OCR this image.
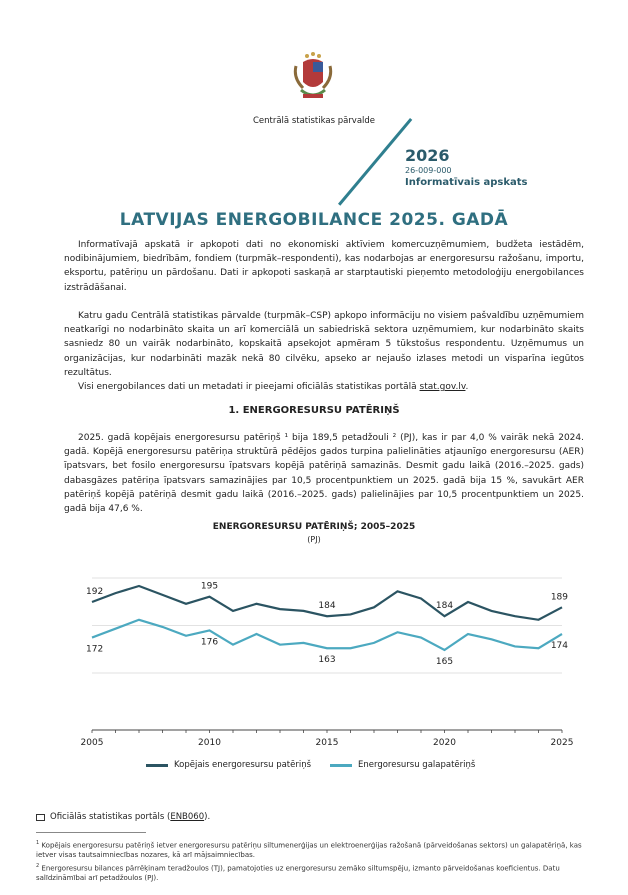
Centrālā statistikas pārvalde
2026
26-009-000
Informatīvais apskats
LATVIJAS ENERGOBILANCE 2025. GADĀ

Informatīvajā apskatā ir apkopoti dati no ekonomiski aktīviem komercuzņēmumiem, budžeta iestādēm, nodibinājumiem, biedrībām, fondiem (turpmāk–respondenti), kas nodarbojas ar energoresursu ražošanu, importu, eksportu, patēriņu un pārdošanu. Dati ir apkopoti saskaņā ar starptautiski pieņemto metodoloģiju energobilances izstrādāšanai.

Katru gadu Centrālā statistikas pārvalde (turpmāk–CSP) apkopo informāciju no visiem pašvaldību uzņēmumiem neatkarīgi no nodarbināto skaita un arī komerciālā un sabiedriskā sektora uzņēmumiem, kur nodarbināto skaits sasniedz 80 un vairāk nodarbināto, kopskaitā apsekojot apmēram 5 tūkstošus respondentu. Uzņēmumus un organizācijas, kur nodarbināti mazāk nekā 80 cilvēku, apseko ar nejaušo izlases metodi un visparīna iegūtos rezultātus.

Visi energobilances dati un metadati ir pieejami oficiālās statistikas portālā stat.gov.lv.

1. ENERGORESURSU PATĒRIŅŠ

2025. gadā kopējais energoresursu patēriņš ¹ bija 189,5 petadžouli ² (PJ), kas ir par 4,0 % vairāk nekā 2024. gadā. Kopējā energoresursu patēriņa struktūrā pēdējos gados turpina palielināties atjaunīgo energoresursu (AER) īpatsvars, bet fosilo energoresursu īpatsvars kopējā patēriņā samazinās. Desmit gadu laikā (2016.–2025. gads) dabasgāzes patēriņa īpatsvars samazinājies par 10,5 procentpunktiem un 2025. gadā bija 15 %, savukārt AER patēriņš kopējā patēriņā desmit gadu laikā (2016.–2025. gads) palielinājies par 10,5 procentpunktiem un 2025. gadā bija 47,6 %.

ENERGORESURSU PATĒRIŅŠ; 2005–2025
(PJ)
2005	2010	2015	2020	2025
192
195
184	184
189
172
176
163	165
174
Kopējais energoresursu patēriņš	Energoresursu galapatēriņš
Oficiālās statistikas portāls ( ENB060 ).
$^1$ Kopējais energoresursu patēriņš ietver energoresursu patēriņu siltumenerģijas un elektroenerģijas ražošanā (pārveidošanas sektors) un galapatēriņā, kas ietver visas tautsaimniecības nozares, kā arī mājsaimniecības.
$^2$ Energoresursu bilances pārrēķinam teradžoulos (TJ), pamatojoties uz energoresursu zemāko siltumspēju, izmanto pārveidošanas koeficientus. Datu salīdzināmībai arī petadžoulos (PJ).
